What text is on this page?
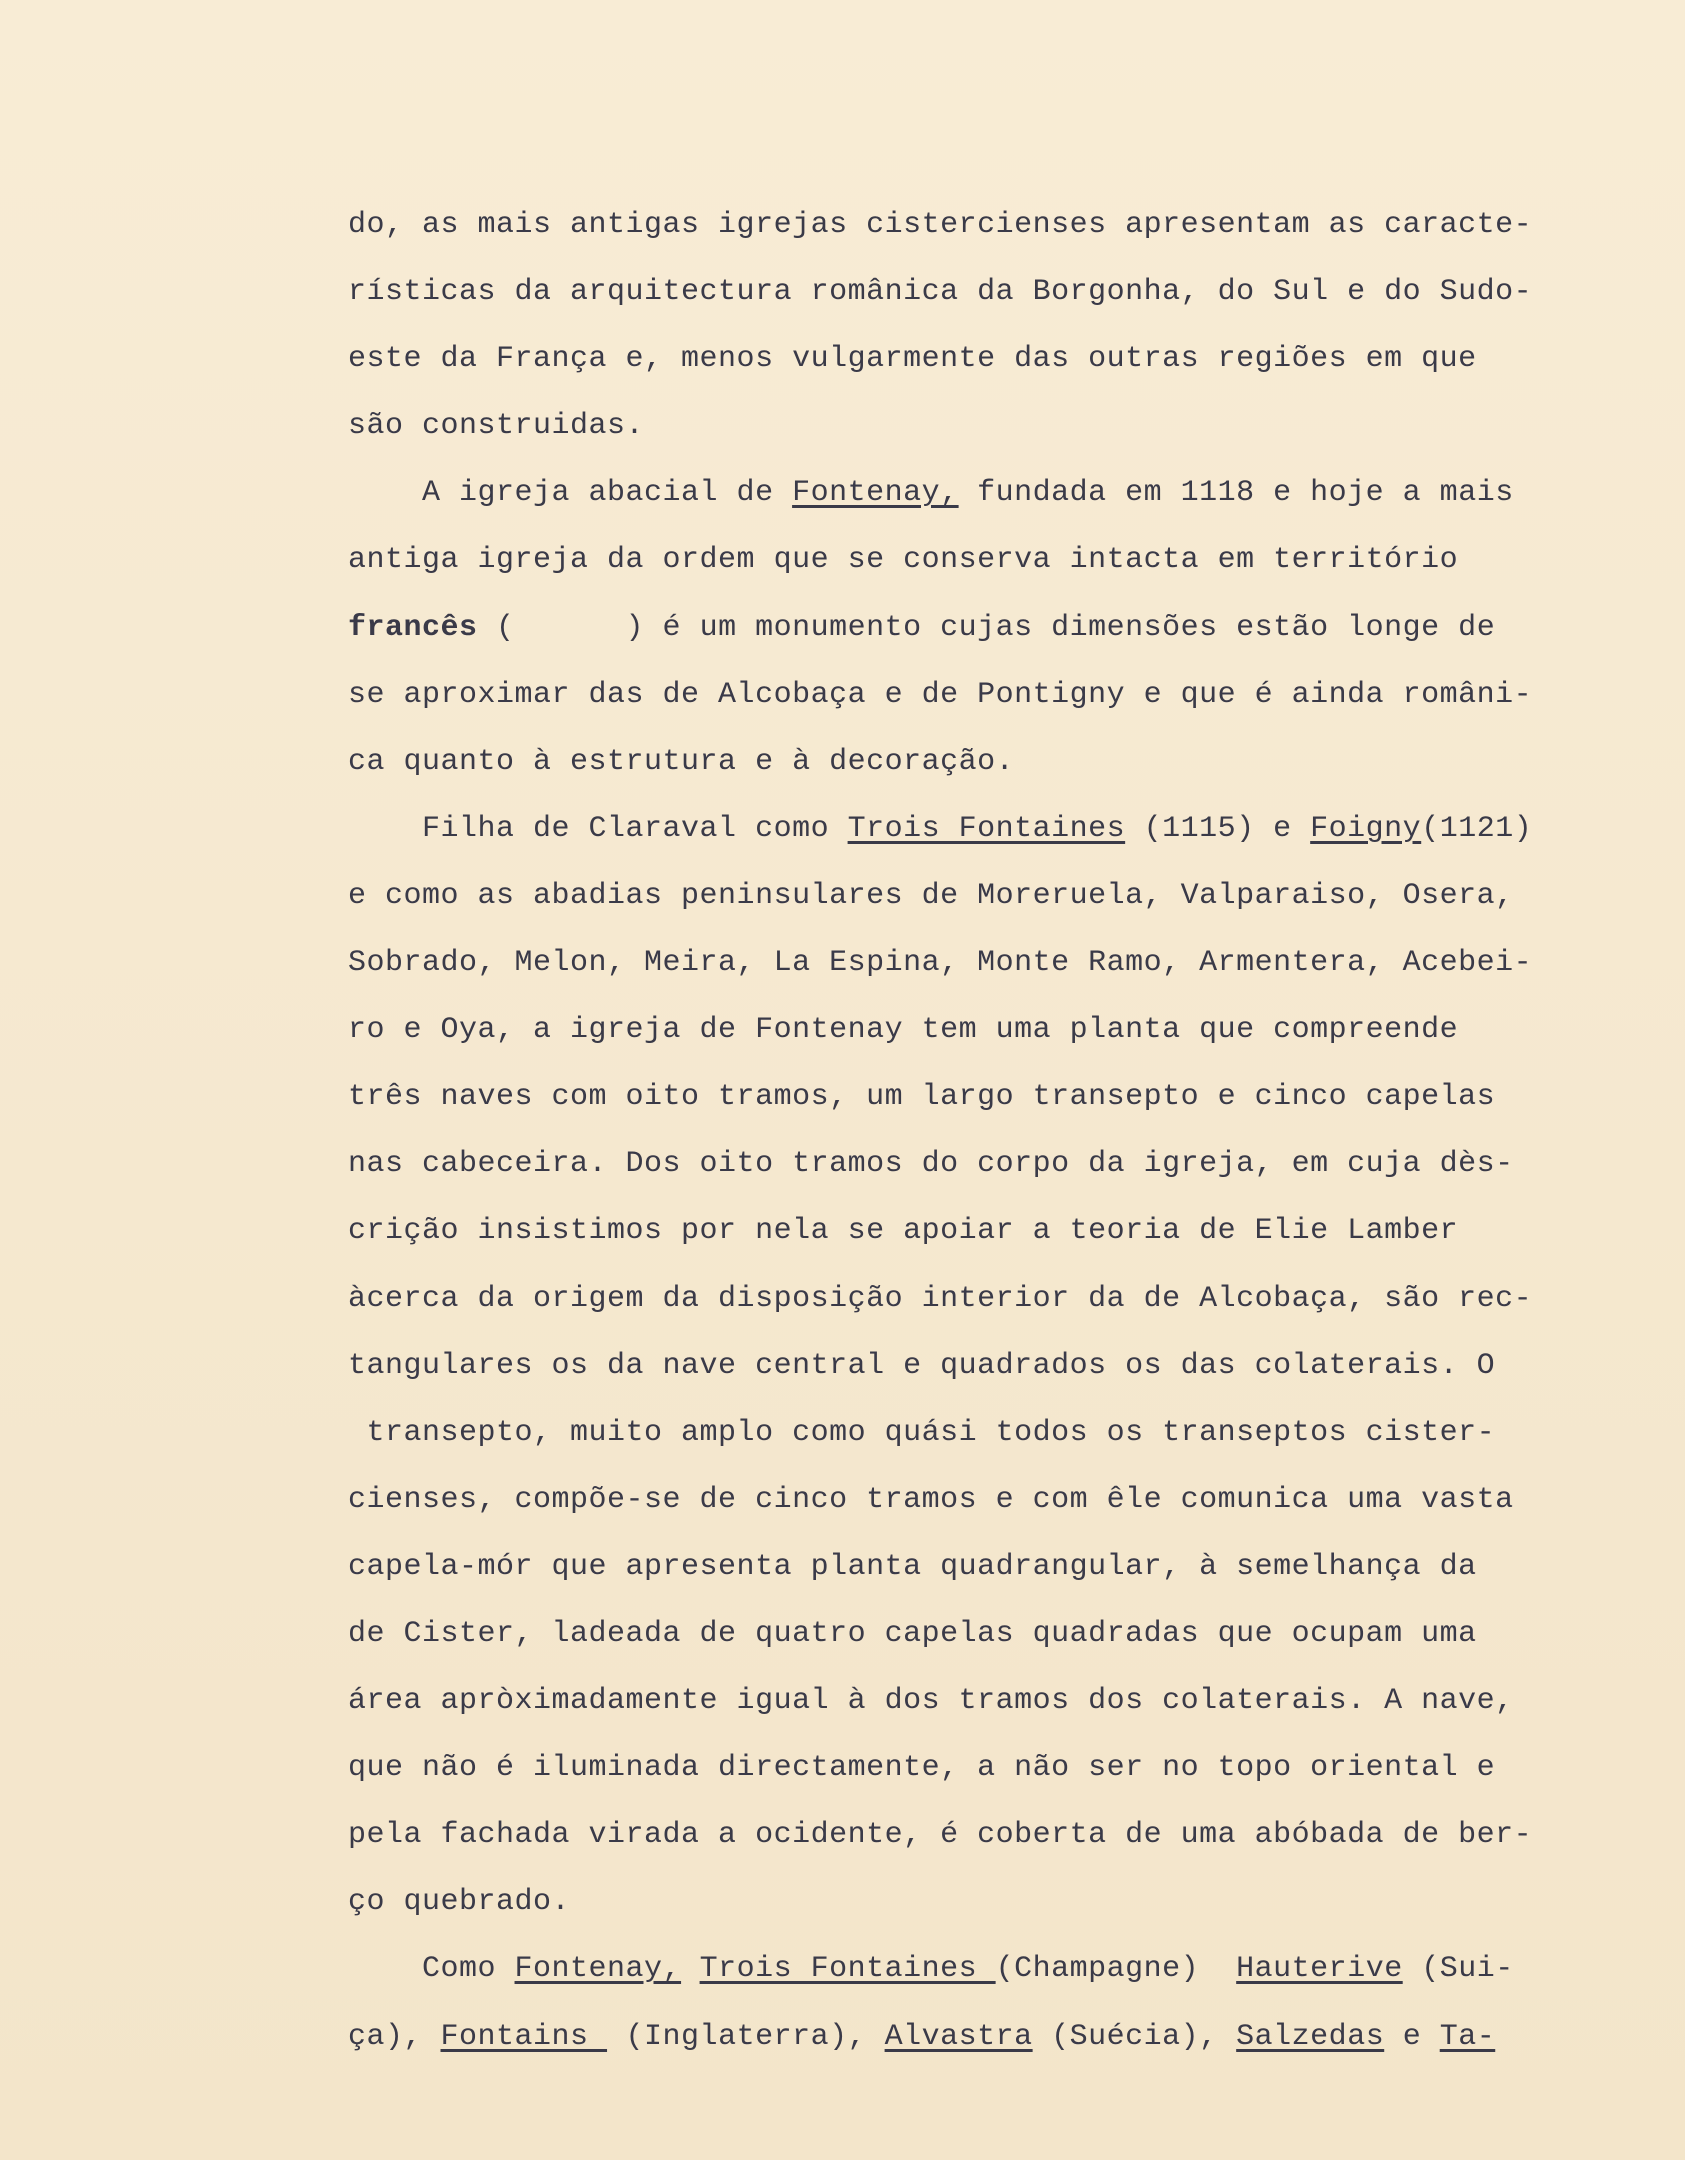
do, as mais antigas igrejas cistercienses apresentam as caracte-
rísticas da arquitectura românica da Borgonha, do Sul e do Sudo-
este da França e, menos vulgarmente das outras regiões em que
são construidas.
A igreja abacial de Fontenay, fundada em 1118 e hoje a mais
antiga igreja da ordem que se conserva intacta em território
francês (      ) é um monumento cujas dimensões estão longe de
se aproximar das de Alcobaça e de Pontigny e que é ainda români-
ca quanto à estrutura e à decoração.
Filha de Claraval como Trois Fontaines (1115) e Foigny(1121)
e como as abadias peninsulares de Moreruela, Valparaiso, Osera,
Sobrado, Melon, Meira, La Espina, Monte Ramo, Armentera, Acebei-
ro e Oya, a igreja de Fontenay tem uma planta que compreende
três naves com oito tramos, um largo transepto e cinco capelas
nas cabeceira. Dos oito tramos do corpo da igreja, em cuja dès-
crição insistimos por nela se apoiar a teoria de Elie Lamber
àcerca da origem da disposição interior da de Alcobaça, são rec-
tangulares os da nave central e quadrados os das colaterais. O
transepto, muito amplo como quási todos os transeptos cister-
cienses, compõe-se de cinco tramos e com êle comunica uma vasta
capela-mór que apresenta planta quadrangular, à semelhança da
de Cister, ladeada de quatro capelas quadradas que ocupam uma
área apròximadamente igual à dos tramos dos colaterais. A nave,
que não é iluminada directamente, a não ser no topo oriental e
pela fachada virada a ocidente, é coberta de uma abóbada de ber-
ço quebrado.
Como Fontenay, Trois Fontaines (Champagne)  Hauterive (Sui-
ça), Fontains  (Inglaterra), Alvastra (Suécia), Salzedas e Ta-
